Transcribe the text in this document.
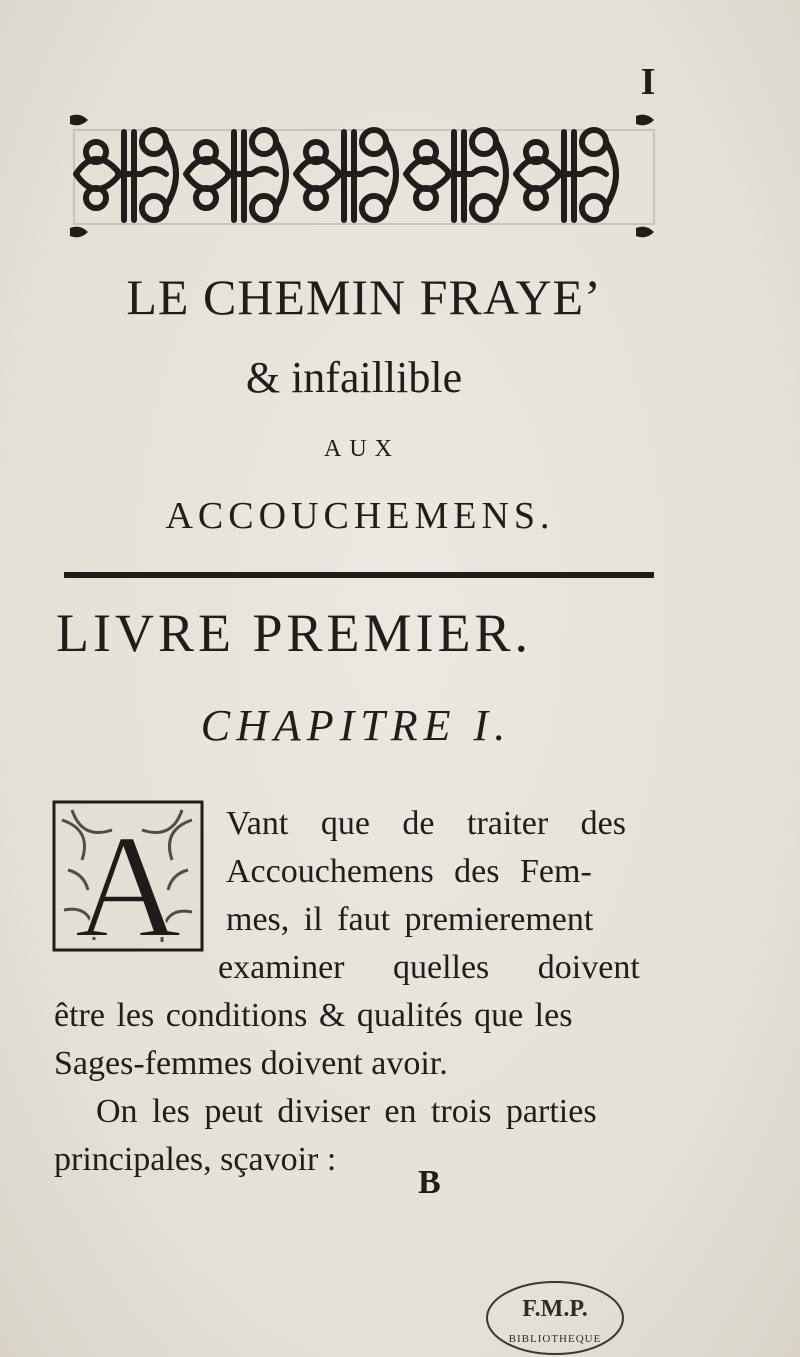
I
LE CHEMIN FRAYE’
& infaillible
AUX
ACCOUCHEMENS.
LIVRE PREMIER.
CHAPITRE I.
A Vant que de traiter des
Accouchemens des Fem-
mes, il faut premierement
examiner quelles doivent
être les conditions & qualités que les
Sages-femmes doivent avoir.
On les peut diviser en trois parties
principales, sçavoir :
B
F.M.P.
BIBLIOTHEQUE
